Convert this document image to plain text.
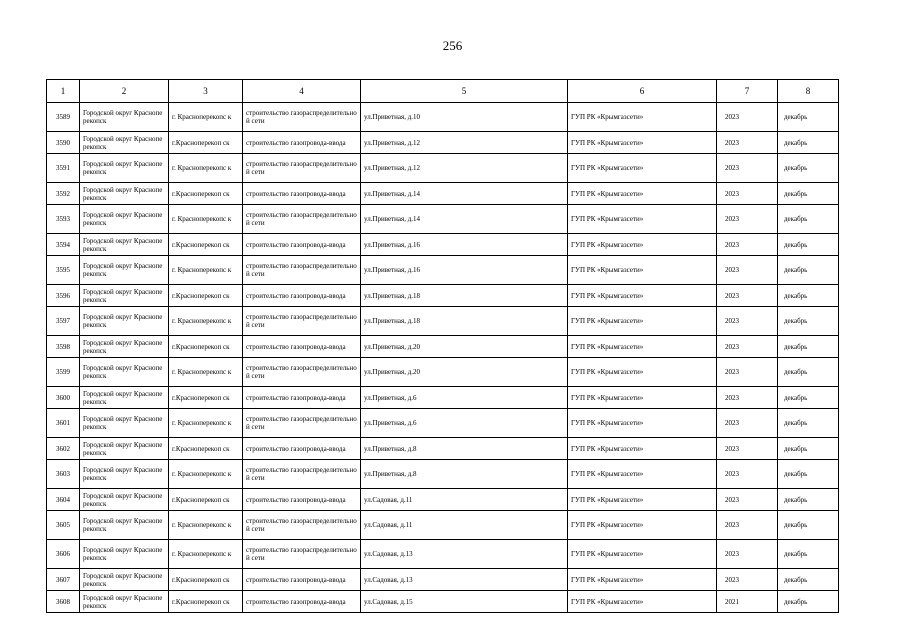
256
1	2	3	4	5	6	7	8
3589	Городской округ Красноперекопск	г. Красноперекопс к	строительство газораспределительной сети	ул.Приветная, д.10	ГУП РК «Крымгазсети»	2023	декабрь
3590	Городской округ Красноперекопск	г.Красноперекоп ск	строительство газопровода-ввода	ул.Приветная, д.12	ГУП РК «Крымгазсети»	2023	декабрь
3591	Городской округ Красноперекопск	г. Красноперекопс к	строительство газораспределительной сети	ул.Приветная, д.12	ГУП РК «Крымгазсети»	2023	декабрь
3592	Городской округ Красноперекопск	г.Красноперекоп ск	строительство газопровода-ввода	ул.Приветная, д.14	ГУП РК «Крымгазсети»	2023	декабрь
3593	Городской округ Красноперекопск	г. Красноперекопс к	строительство газораспределительной сети	ул.Приветная, д.14	ГУП РК «Крымгазсети»	2023	декабрь
3594	Городской округ Красноперекопск	г.Красноперекоп ск	строительство газопровода-ввода	ул.Приветная, д.16	ГУП РК «Крымгазсети»	2023	декабрь
3595	Городской округ Красноперекопск	г. Красноперекопс к	строительство газораспределительной сети	ул.Приветная, д.16	ГУП РК «Крымгазсети»	2023	декабрь
3596	Городской округ Красноперекопск	г.Красноперекоп ск	строительство газопровода-ввода	ул.Приветная, д.18	ГУП РК «Крымгазсети»	2023	декабрь
3597	Городской округ Красноперекопск	г. Красноперекопс к	строительство газораспределительной сети	ул.Приветная, д.18	ГУП РК «Крымгазсети»	2023	декабрь
3598	Городской округ Красноперекопск	г.Красноперекоп ск	строительство газопровода-ввода	ул.Приветная, д.20	ГУП РК «Крымгазсети»	2023	декабрь
3599	Городской округ Красноперекопск	г. Красноперекопс к	строительство газораспределительной сети	ул.Приветная, д.20	ГУП РК «Крымгазсети»	2023	декабрь
3600	Городской округ Красноперекопск	г.Красноперекоп ск	строительство газопровода-ввода	ул.Приветная, д.6	ГУП РК «Крымгазсети»	2023	декабрь
3601	Городской округ Красноперекопск	г. Красноперекопс к	строительство газораспределительной сети	ул.Приветная, д.6	ГУП РК «Крымгазсети»	2023	декабрь
3602	Городской округ Красноперекопск	г.Красноперекоп ск	строительство газопровода-ввода	ул.Приветная, д.8	ГУП РК «Крымгазсети»	2023	декабрь
3603	Городской округ Красноперекопск	г. Красноперекопс к	строительство газораспределительной сети	ул.Приветная, д.8	ГУП РК «Крымгазсети»	2023	декабрь
3604	Городской округ Красноперекопск	г.Красноперекоп ск	строительство газопровода-ввода	ул.Садовая, д.11	ГУП РК «Крымгазсети»	2023	декабрь
3605	Городской округ Красноперекопск	г. Красноперекопс к	строительство газораспределительной сети	ул.Садовая, д.11	ГУП РК «Крымгазсети»	2023	декабрь
3606	Городской округ Красноперекопск	г. Красноперекопс к	строительство газораспределительной сети	ул.Садовая, д.13	ГУП РК «Крымгазсети»	2023	декабрь
3607	Городской округ Красноперекопск	г.Красноперекоп ск	строительство газопровода-ввода	ул.Садовая, д.13	ГУП РК «Крымгазсети»	2023	декабрь
3608	Городской округ Красноперекопск	г.Красноперекоп ск	строительство газопровода-ввода	ул.Садовая, д.15	ГУП РК «Крымгазсети»	2021	декабрь
